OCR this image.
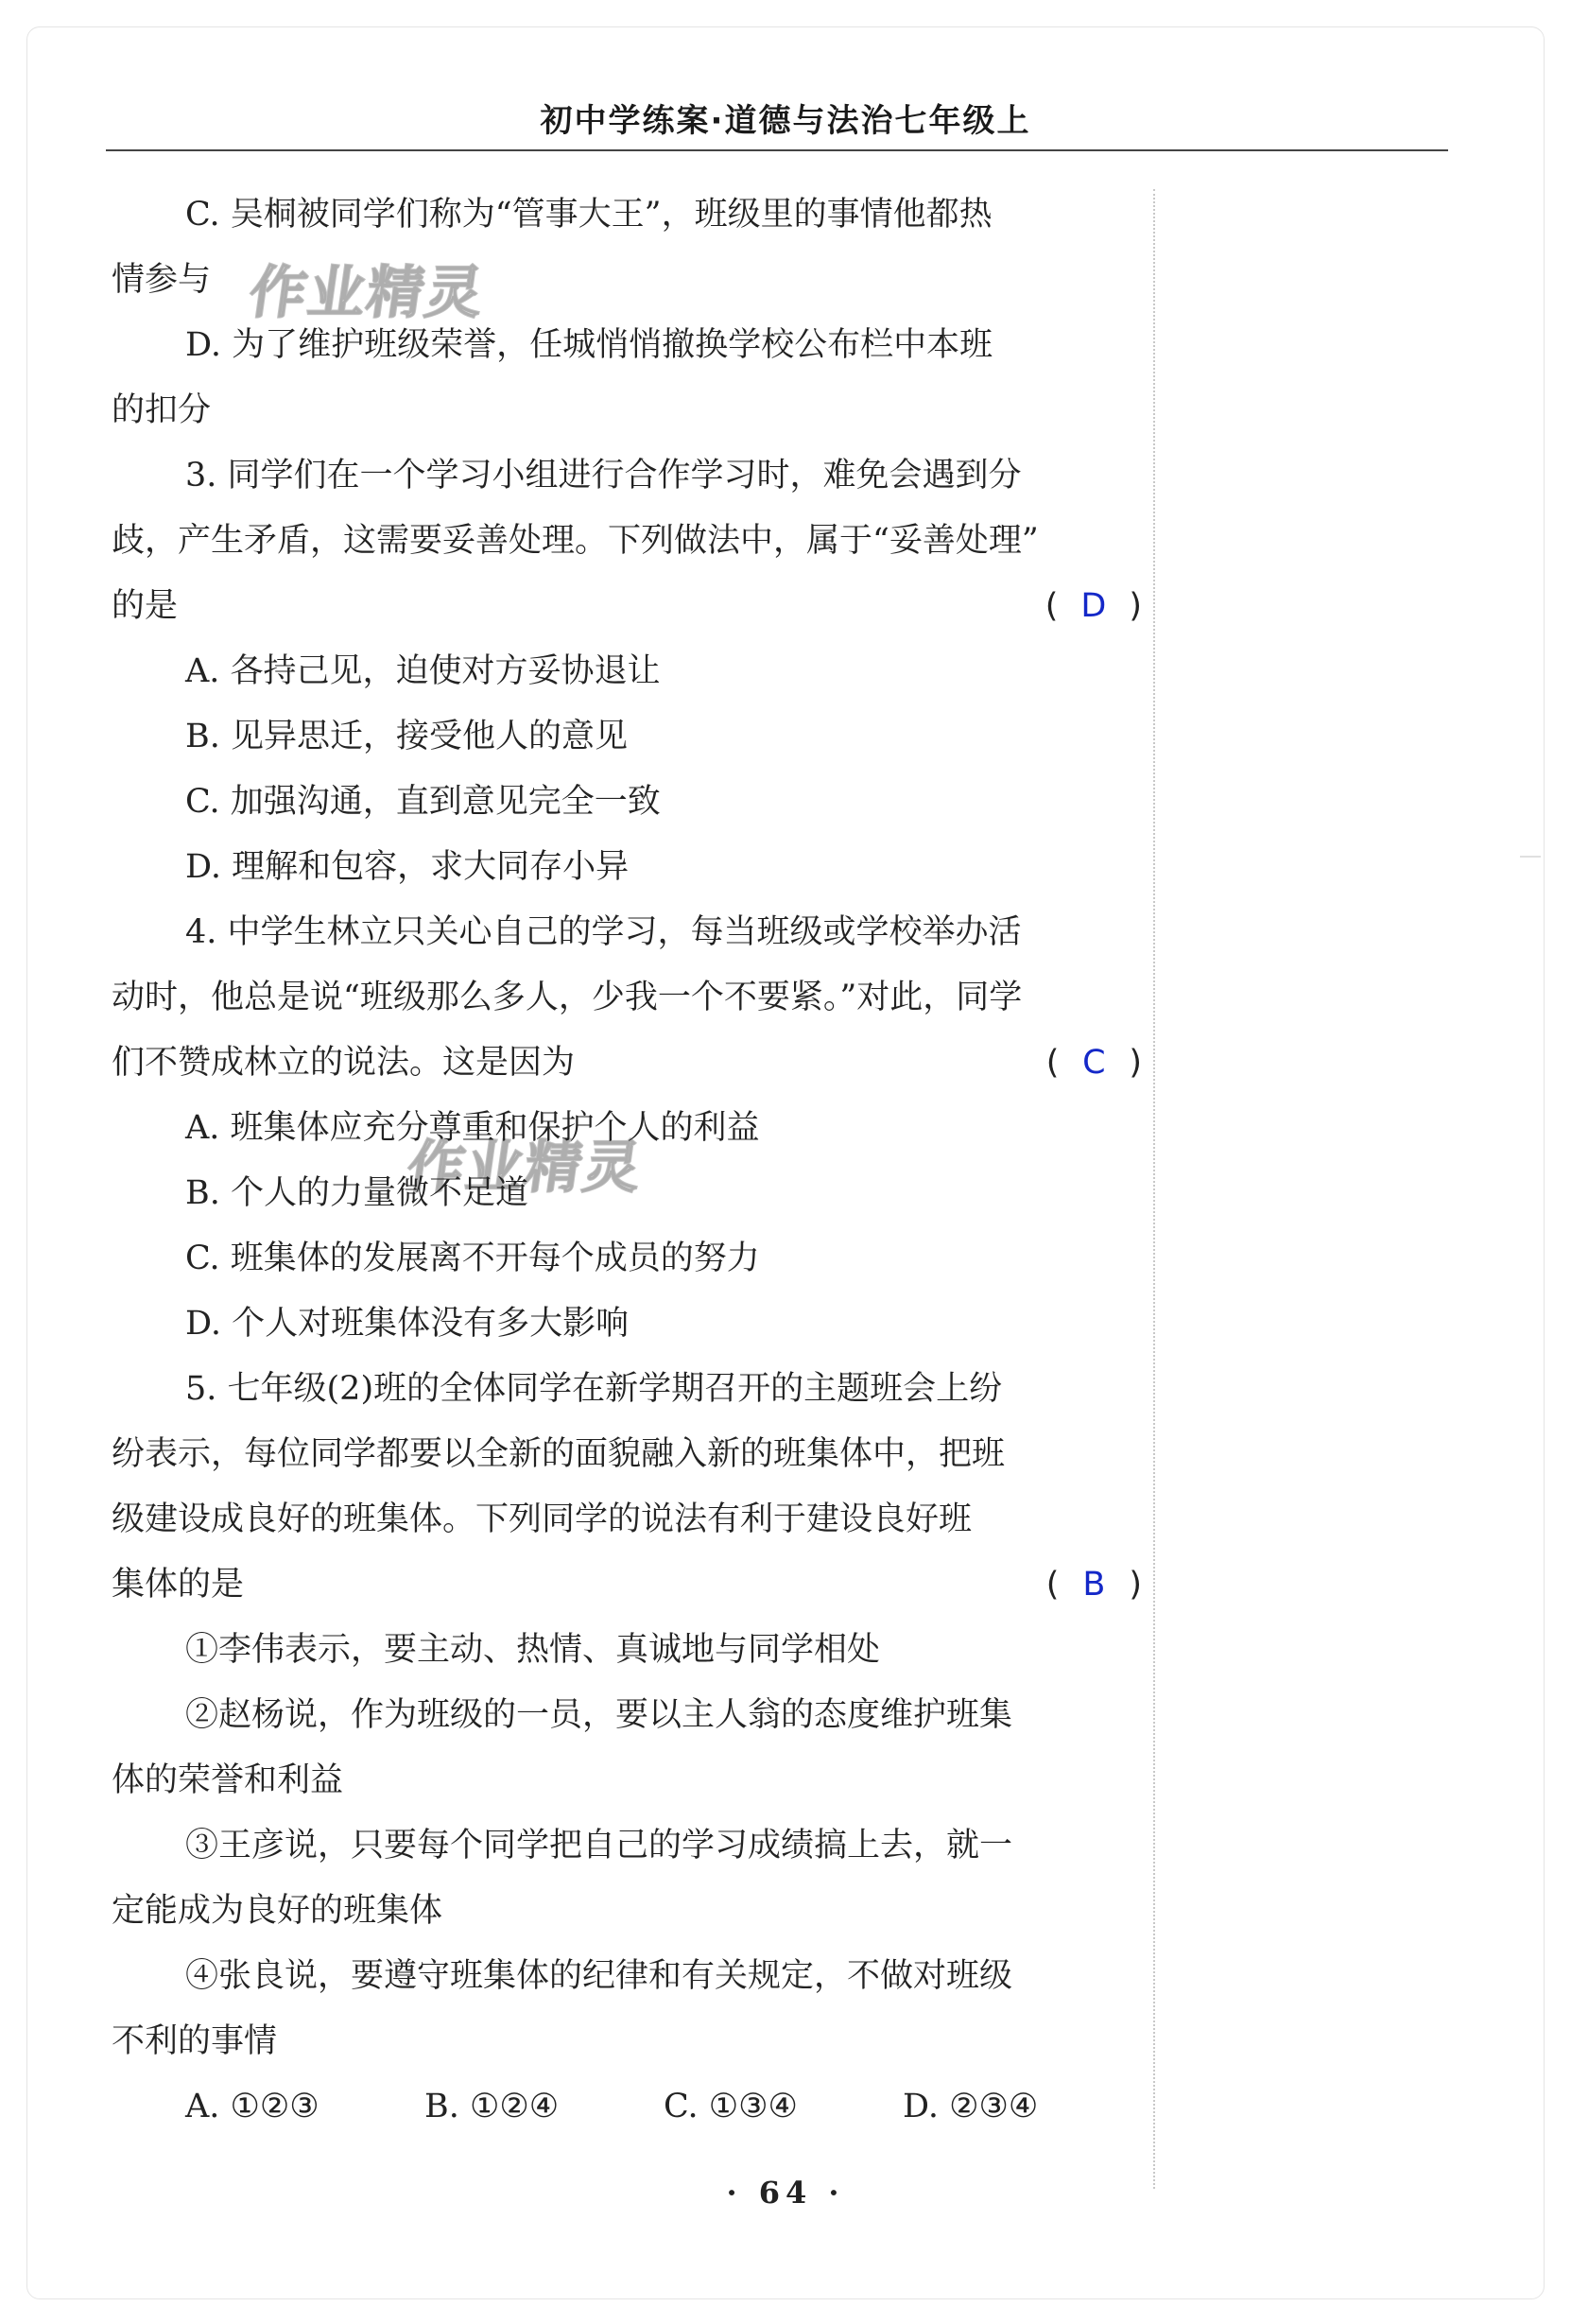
初中学练案·道德与法治七年级上
作业精灵
作业精灵

C. 吴桐被同学们称为“管事大王”，班级里的事情他都热

情参与

D. 为了维护班级荣誉，任城悄悄撤换学校公布栏中本班

的扣分

3. 同学们在一个学习小组进行合作学习时，难免会遇到分

歧，产生矛盾，这需要妥善处理。下列做法中，属于“妥善处理”

的是	( D )

A. 各持己见，迫使对方妥协退让

B. 见异思迁，接受他人的意见

C. 加强沟通，直到意见完全一致

D. 理解和包容，求大同存小异

4. 中学生林立只关心自己的学习，每当班级或学校举办活

动时，他总是说“班级那么多人，少我一个不要紧。”对此，同学

们不赞成林立的说法。这是因为	( C )

A. 班集体应充分尊重和保护个人的利益

B. 个人的力量微不足道

C. 班集体的发展离不开每个成员的努力

D. 个人对班集体没有多大影响

5. 七年级(2)班的全体同学在新学期召开的主题班会上纷

纷表示，每位同学都要以全新的面貌融入新的班集体中，把班

级建设成良好的班集体。下列同学的说法有利于建设良好班

集体的是	( B )

①李伟表示，要主动、热情、真诚地与同学相处

②赵杨说，作为班级的一员，要以主人翁的态度维护班集

体的荣誉和利益

③王彦说，只要每个同学把自己的学习成绩搞上去，就一

定能成为良好的班集体

④张良说，要遵守班集体的纪律和有关规定，不做对班级

不利的事情

A. ①②③	B. ①②④	C. ①③④	D. ②③④
· 64 ·
